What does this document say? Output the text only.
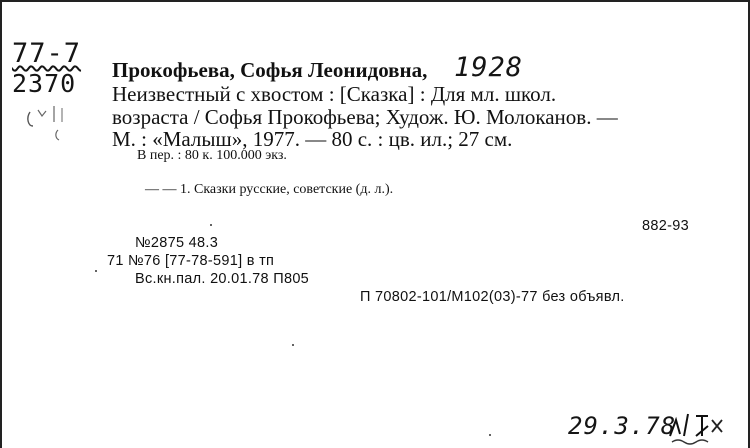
77-7
2370 Прокофьева, Софья Леонидовна, 1928
Неизвестный с хвостом : [Сказка] : Для мл. школ.
возраста / Софья Прокофьева; Худож. Ю. Молоканов. —
М. : «Малыш», 1977. — 80 с. : цв. ил.; 27 см.
В пер. : 80 к. 100.000 экз.
— — 1. Сказки русские, советские (д. л.).
882-93
№2875 48.3
71 №76 [77-78-591] в тп
Вс.кн.пал. 20.01.78 П805
П 70802-101/М102(03)-77 без объявл.
29.3.78
